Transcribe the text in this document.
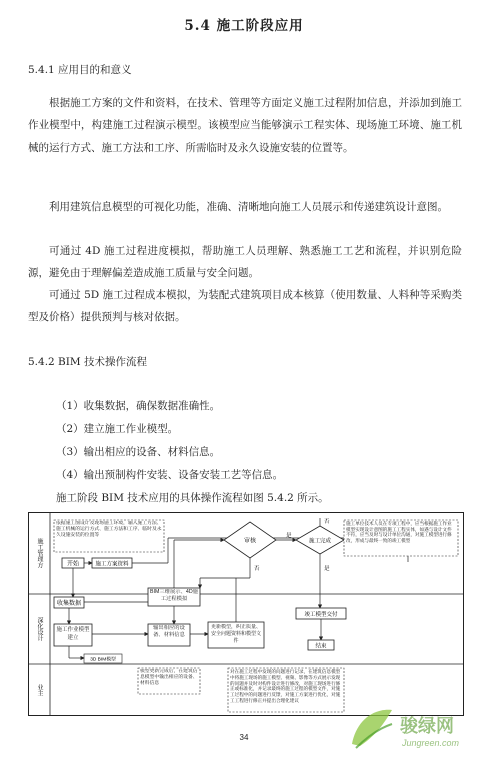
5.4 施工阶段应用
5.4.1 应用目的和意义
根据施工方案的文件和资料，在技术、管理等方面定义施工过程附加信息，并添加到施工作业模型中，构建施工过程演示模型。该模型应当能够演示工程实体、现场施工环境、施工机械的运行方式、施工方法和工序、所需临时及永久设施安装的位置等。
利用建筑信息模型的可视化功能，准确、清晰地向施工人员展示和传递建筑设计意图。
可通过 4D 施工过程进度模拟，帮助施工人员理解、熟悉施工工艺和流程，并识别危险源，避免由于理解偏差造成施工质量与安全问题。
可通过 5D 施工过程成本模拟，为装配式建筑项目成本核算（使用数量、人料种等采购类型及价格）提供预判与核对依据。
5.4.2 BIM 技术操作流程
（1）收集数据，确保数据准确性。
（2）建立施工作业模型。
（3）输出相应的设备、材料信息。
（4）输出预制构件安装、设备安装工艺等信息。
施工阶段 BIM 技术应用的具体操作流程如图 5.4.2 所示。
施工管理方
深化设计
业主
依据施工图设计及现场施工环境，输入施工方法、施工机械的运行方式、施工方法和工序、临时及永久设施安装的位置等
开始	施工方案资料
收集数据
BIM三维展示、4D施工过程模拟
审核
是
否
施工完成
否
是
施工单位技术人员在专项工程中，应当根据施工作业模型实现设计意图的施工工程实体，如遇与设计文件不符，应当及时与设计单位沟通，对施工模型进行修改，形成与最终一致的竣工模型
施工作业模型建立
3D BIM模型
输出相应的设备、材料信息
更新模型，纠正质量、安全问题资料和模型文件
竣工模型交付
结束
模型更新完成后，在建筑信息模型中输出相应的设备、材料信息
对在施工过程中发现的问题进行记录，在建筑信息模型中将施工现场的施工模型、视频、影像等方式展示发现的问题并及时对构件设计进行修改，对施工现场进行修正或标准化，并记录最终的施工过程的模型文件，对施工过程中的问题进行反馈，对施工方案进行优化，对施工工程进行修正并提出合理化建议
34
骏绿网
Jungreen.com
